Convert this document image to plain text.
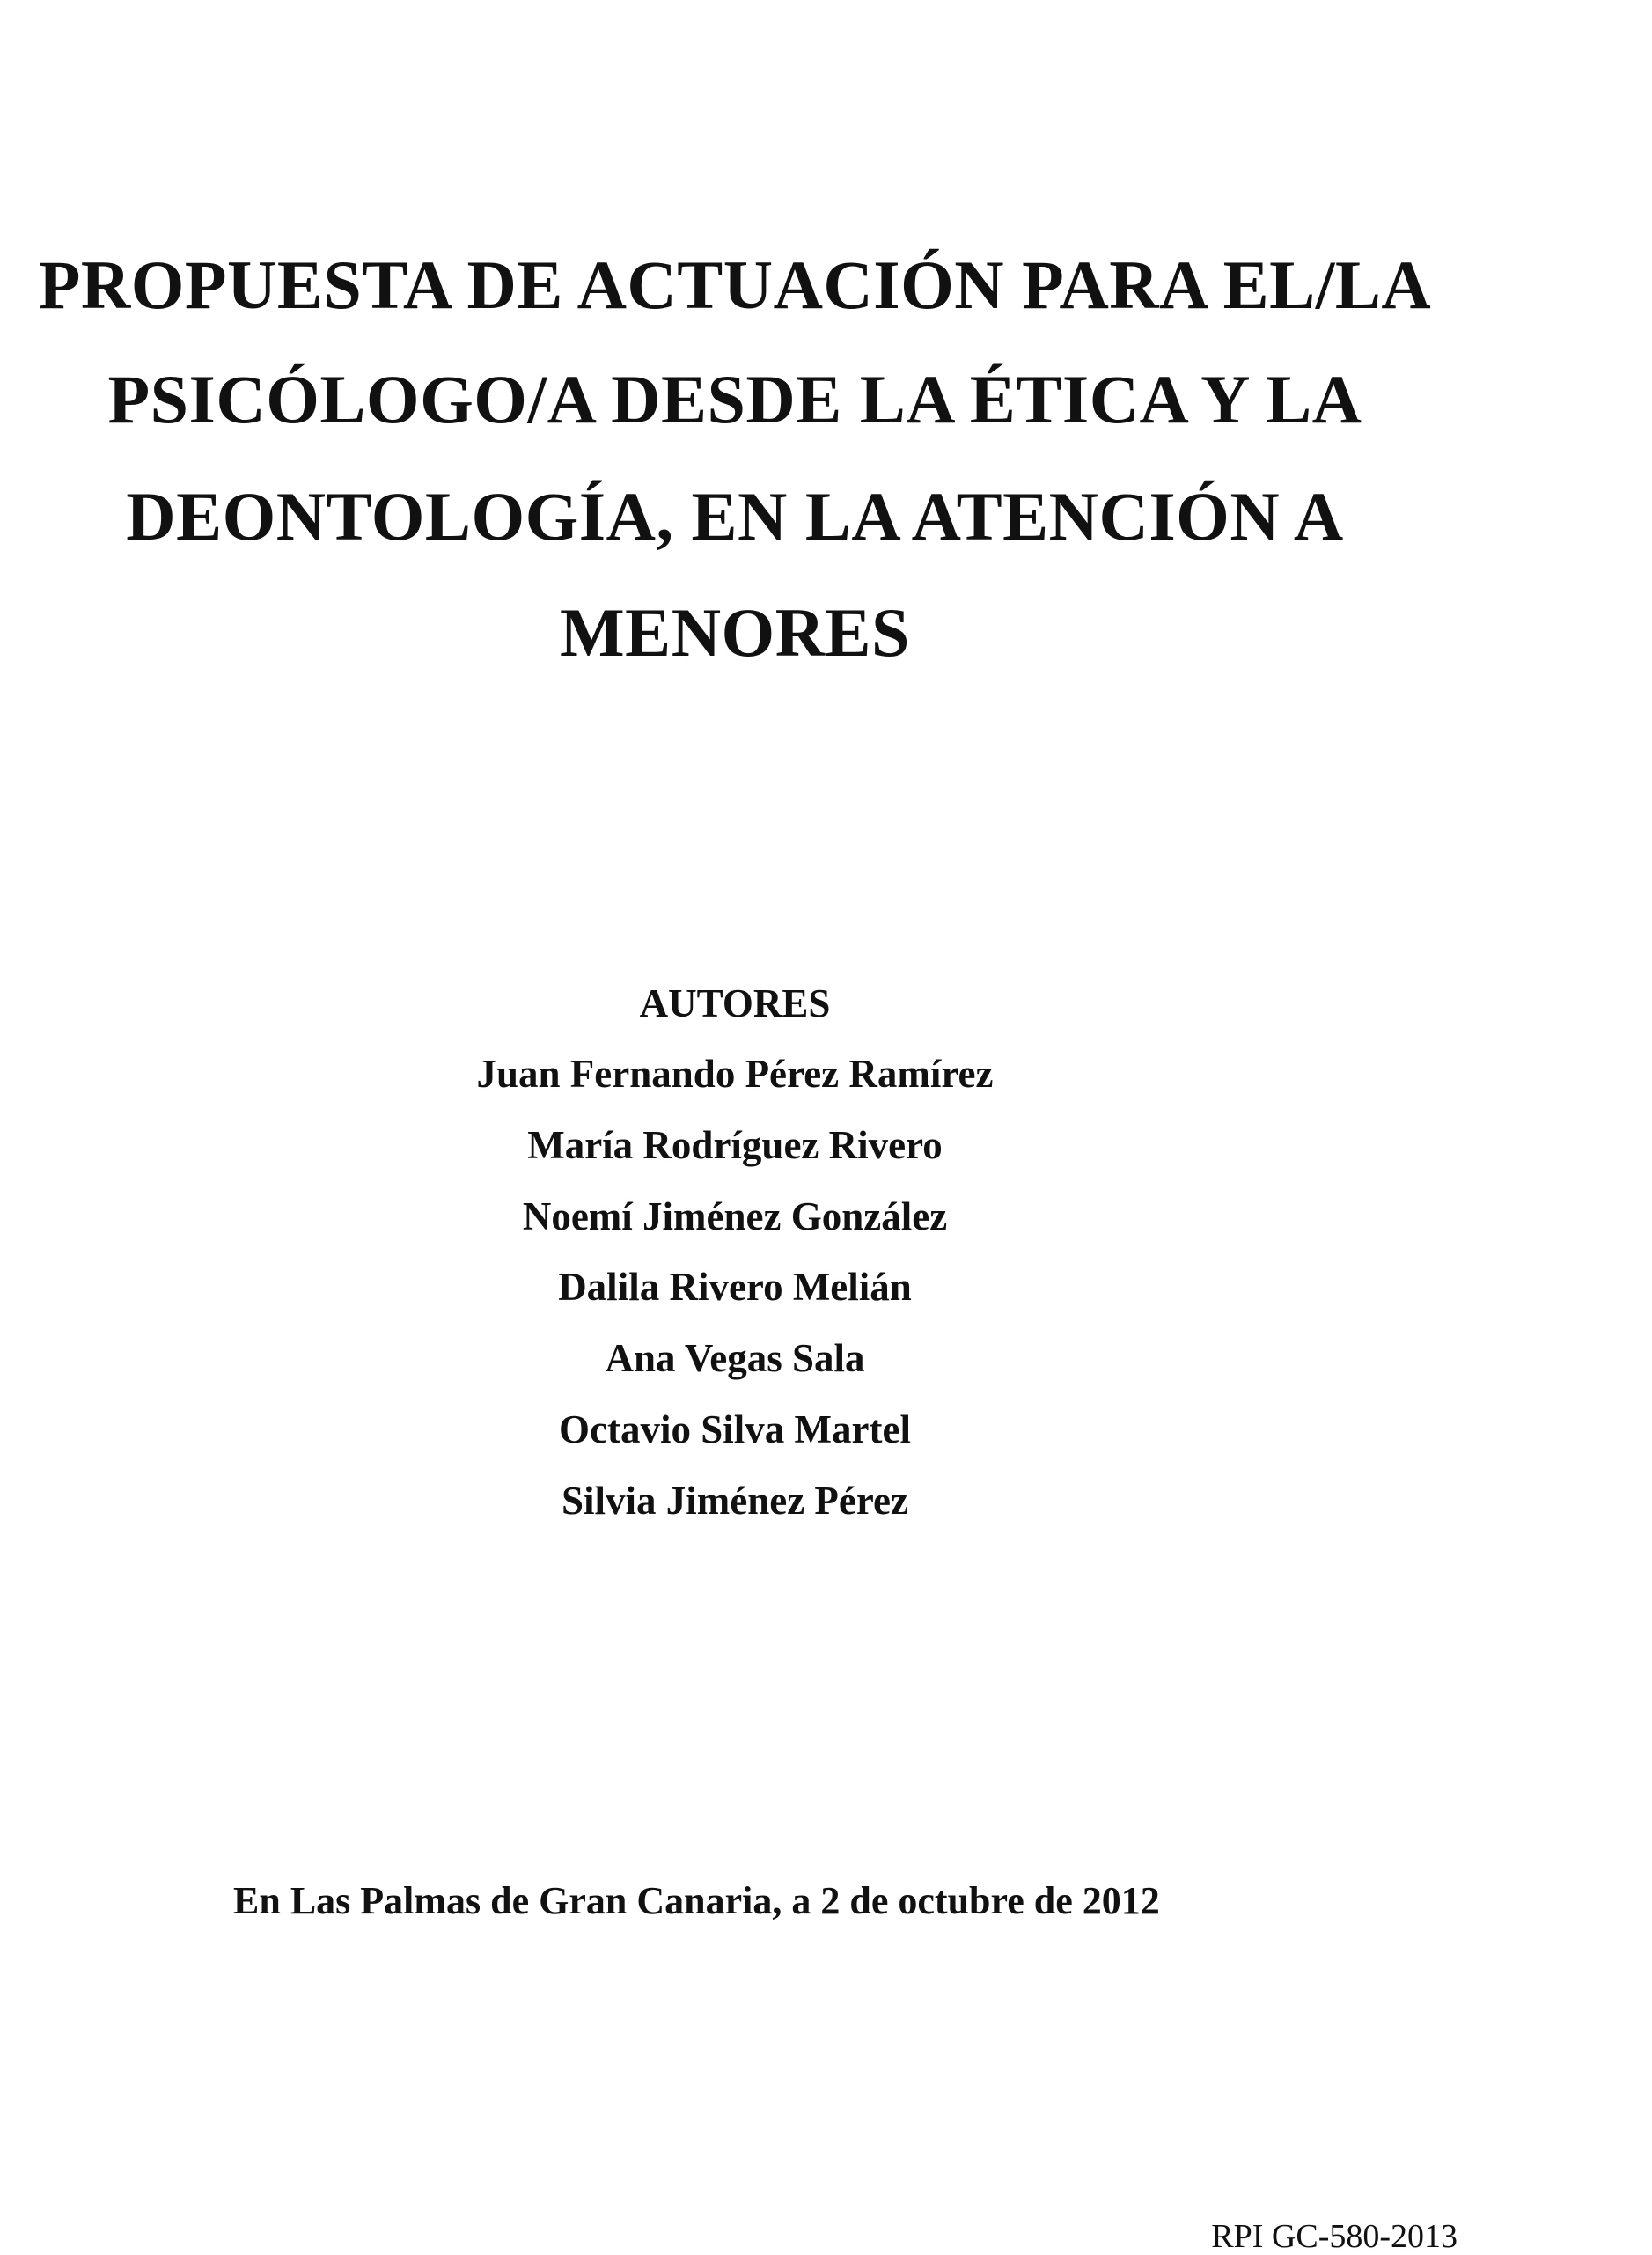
PROPUESTA DE ACTUACIÓN PARA EL/LA
PSICÓLOGO/A DESDE LA ÉTICA Y LA
DEONTOLOGÍA, EN LA ATENCIÓN A
MENORES
AUTORES
Juan Fernando Pérez Ramírez
María Rodríguez Rivero
Noemí Jiménez González
Dalila Rivero Melián
Ana Vegas Sala
Octavio Silva Martel
Silvia Jiménez Pérez
En Las Palmas de Gran Canaria, a 2 de octubre de 2012
RPI GC-580-2013
